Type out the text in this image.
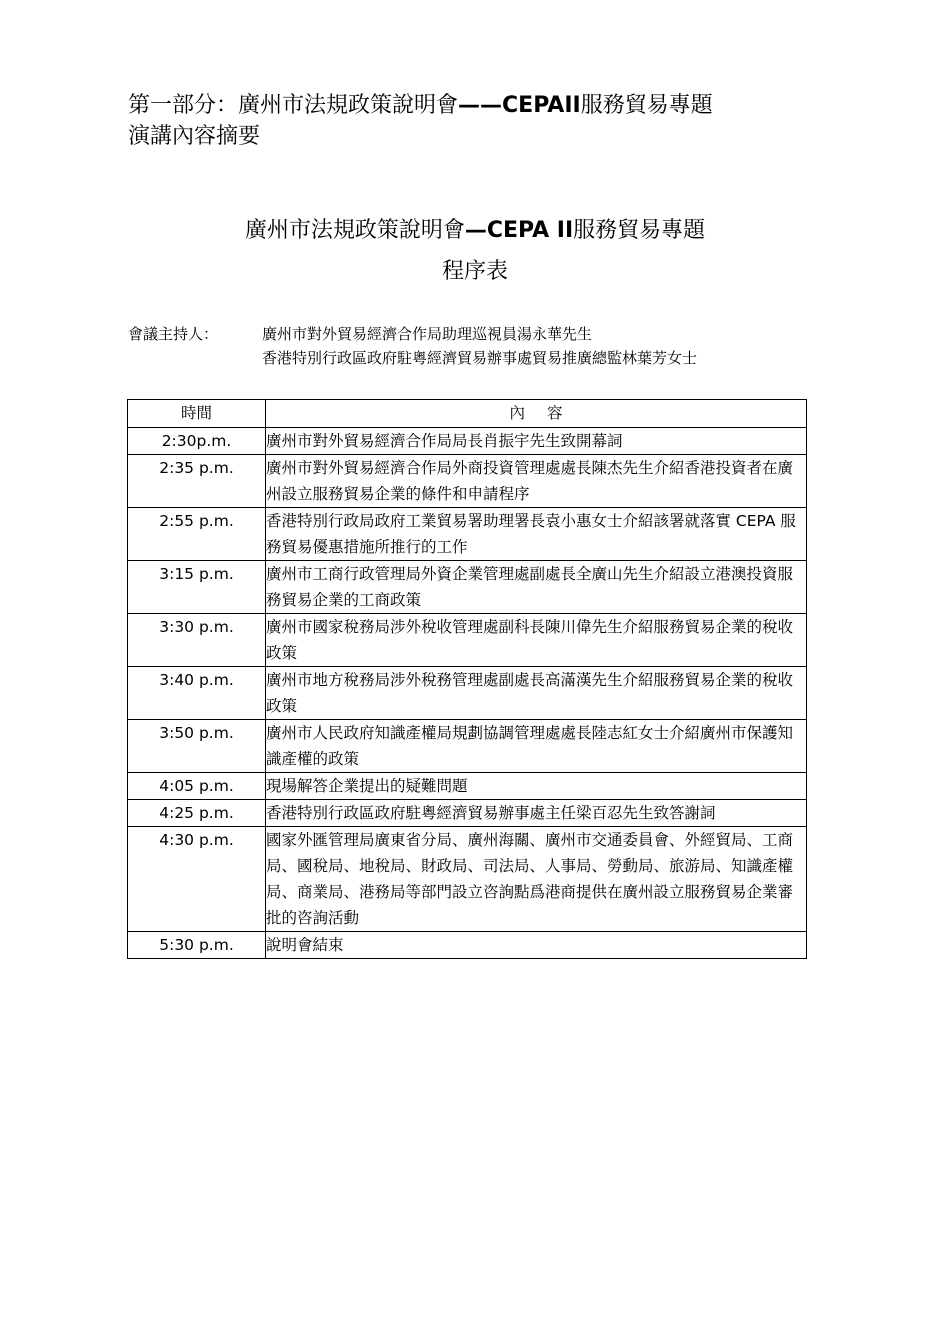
第一部分：廣州市法規政策說明會——CEPAII服務貿易專題
演講內容摘要
廣州市法規政策說明會—CEPA II服務貿易專題
程序表
會議主持人：	廣州市對外貿易經濟合作局助理巡視員湯永華先生
香港特別行政區政府駐粵經濟貿易辦事處貿易推廣總監林葉芳女士
時間	內容
2:30p.m.	廣州市對外貿易經濟合作局局長肖振宇先生致開幕詞
2:35 p.m.	廣州市對外貿易經濟合作局外商投資管理處處長陳杰先生介紹香港投資者在廣州設立服務貿易企業的條件和申請程序
2:55 p.m.	香港特別行政局政府工業貿易署助理署長袁小惠女士介紹該署就落實 CEPA 服務貿易優惠措施所推行的工作
3:15 p.m.	廣州市工商行政管理局外資企業管理處副處長全廣山先生介紹設立港澳投資服務貿易企業的工商政策
3:30 p.m.	廣州市國家稅務局涉外稅收管理處副科長陳川偉先生介紹服務貿易企業的稅收政策
3:40 p.m.	廣州市地方稅務局涉外稅務管理處副處長高滿漢先生介紹服務貿易企業的稅收政策
3:50 p.m.	廣州市人民政府知識產權局規劃協調管理處處長陸志紅女士介紹廣州市保護知識產權的政策
4:05 p.m.	現場解答企業提出的疑難問題
4:25 p.m.	香港特別行政區政府駐粵經濟貿易辦事處主任梁百忍先生致答謝詞
4:30 p.m.	國家外匯管理局廣東省分局、廣州海關、廣州市交通委員會、外經貿局、工商局、國稅局、地稅局、財政局、司法局、人事局、勞動局、旅游局、知識產權局、商業局、港務局等部門設立咨詢點爲港商提供在廣州設立服務貿易企業審批的咨詢活動
5:30 p.m.	說明會結束
